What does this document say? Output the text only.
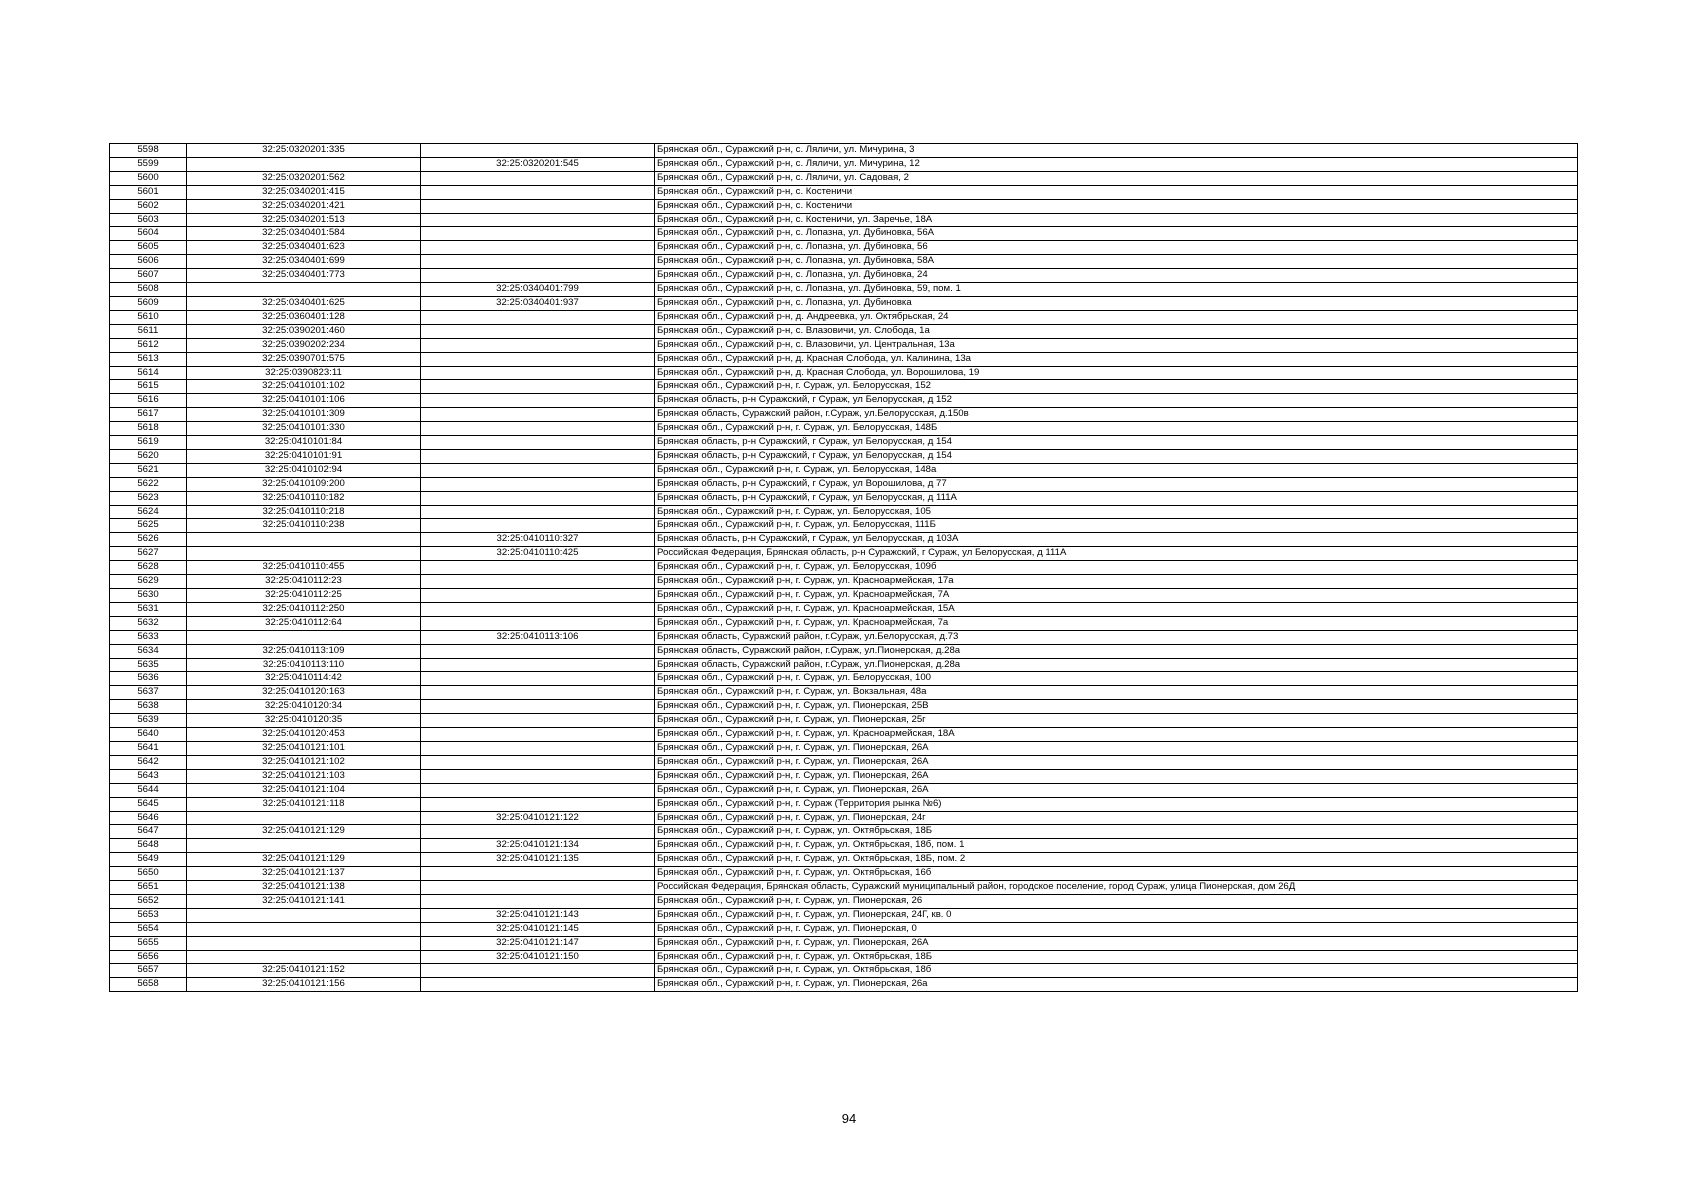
5598	32:25:0320201:335		Брянская обл., Суражский р-н, с. Ляличи, ул. Мичурина, 3
5599		32:25:0320201:545	Брянская обл., Суражский р-н, с. Ляличи, ул. Мичурина, 12
5600	32:25:0320201:562		Брянская обл., Суражский р-н, с. Ляличи, ул. Садовая, 2
5601	32:25:0340201:415		Брянская обл., Суражский р-н, с. Костеничи
5602	32:25:0340201:421		Брянская обл., Суражский р-н, с. Костеничи
5603	32:25:0340201:513		Брянская обл., Суражский р-н, с. Костеничи, ул. Заречье, 18А
5604	32:25:0340401:584		Брянская обл., Суражский р-н, с. Лопазна, ул. Дубиновка, 56А
5605	32:25:0340401:623		Брянская обл., Суражский р-н, с. Лопазна, ул. Дубиновка, 56
5606	32:25:0340401:699		Брянская обл., Суражский р-н, с. Лопазна, ул. Дубиновка, 58А
5607	32:25:0340401:773		Брянская обл., Суражский р-н, с. Лопазна, ул. Дубиновка, 24
5608		32:25:0340401:799	Брянская обл., Суражский р-н, с. Лопазна, ул. Дубиновка, 59, пом. 1
5609	32:25:0340401:625	32:25:0340401:937	Брянская обл., Суражский р-н, с. Лопазна, ул. Дубиновка
5610	32:25:0360401:128		Брянская обл., Суражский р-н, д. Андреевка, ул. Октябрьская, 24
5611	32:25:0390201:460		Брянская обл., Суражский р-н, с. Влазовичи, ул. Слобода, 1а
5612	32:25:0390202:234		Брянская обл., Суражский р-н, с. Влазовичи, ул. Центральная, 13а
5613	32:25:0390701:575		Брянская обл., Суражский р-н, д. Красная Слобода, ул. Калинина, 13а
5614	32:25:0390823:11		Брянская обл., Суражский р-н, д. Красная Слобода, ул. Ворошилова, 19
5615	32:25:0410101:102		Брянская обл., Суражский р-н, г. Сураж, ул. Белорусская, 152
5616	32:25:0410101:106		Брянская область, р-н Суражский, г Сураж, ул Белорусская, д 152
5617	32:25:0410101:309		Брянская область, Суражский район, г.Сураж, ул.Белорусская, д.150в
5618	32:25:0410101:330		Брянская обл., Суражский р-н, г. Сураж, ул. Белорусская, 148Б
5619	32:25:0410101:84		Брянская область, р-н Суражский, г Сураж, ул Белорусская, д 154
5620	32:25:0410101:91		Брянская область, р-н Суражский, г Сураж, ул Белорусская, д 154
5621	32:25:0410102:94		Брянская обл., Суражский р-н, г. Сураж, ул. Белорусская, 148а
5622	32:25:0410109:200		Брянская область, р-н Суражский, г Сураж, ул Ворошилова, д 77
5623	32:25:0410110:182		Брянская область, р-н Суражский, г Сураж, ул Белорусская, д 111А
5624	32:25:0410110:218		Брянская обл., Суражский р-н, г. Сураж, ул. Белорусская, 105
5625	32:25:0410110:238		Брянская обл., Суражский р-н, г. Сураж, ул. Белорусская, 111Б
5626		32:25:0410110:327	Брянская область, р-н Суражский, г Сураж, ул Белорусская, д 103А
5627		32:25:0410110:425	Российская Федерация, Брянская область, р-н Суражский, г Сураж, ул Белорусская, д 111А
5628	32:25:0410110:455		Брянская обл., Суражский р-н, г. Сураж, ул. Белорусская, 109б
5629	32:25:0410112:23		Брянская обл., Суражский р-н, г. Сураж, ул. Красноармейская, 17а
5630	32:25:0410112:25		Брянская обл., Суражский р-н, г. Сураж, ул. Красноармейская, 7А
5631	32:25:0410112:250		Брянская обл., Суражский р-н, г. Сураж, ул. Красноармейская, 15А
5632	32:25:0410112:64		Брянская обл., Суражский р-н, г. Сураж, ул. Красноармейская, 7а
5633		32:25:0410113:106	Брянская область, Суражский район, г.Сураж, ул.Белорусская, д.73
5634	32:25:0410113:109		Брянская область, Суражский район, г.Сураж, ул.Пионерская, д.28а
5635	32:25:0410113:110		Брянская область, Суражский район, г.Сураж, ул.Пионерская, д.28а
5636	32:25:0410114:42		Брянская обл., Суражский р-н, г. Сураж, ул. Белорусская, 100
5637	32:25:0410120:163		Брянская обл., Суражский р-н, г. Сураж, ул. Вокзальная, 48а
5638	32:25:0410120:34		Брянская обл., Суражский р-н, г. Сураж, ул. Пионерская, 25В
5639	32:25:0410120:35		Брянская обл., Суражский р-н, г. Сураж, ул. Пионерская, 25г
5640	32:25:0410120:453		Брянская обл., Суражский р-н, г. Сураж, ул. Красноармейская, 18А
5641	32:25:0410121:101		Брянская обл., Суражский р-н, г. Сураж, ул. Пионерская, 26А
5642	32:25:0410121:102		Брянская обл., Суражский р-н, г. Сураж, ул. Пионерская, 26А
5643	32:25:0410121:103		Брянская обл., Суражский р-н, г. Сураж, ул. Пионерская, 26А
5644	32:25:0410121:104		Брянская обл., Суражский р-н, г. Сураж, ул. Пионерская, 26А
5645	32:25:0410121:118		Брянская обл., Суражский р-н, г. Сураж (Территория рынка №6)
5646		32:25:0410121:122	Брянская обл., Суражский р-н, г. Сураж, ул. Пионерская, 24г
5647	32:25:0410121:129		Брянская обл., Суражский р-н, г. Сураж, ул. Октябрьская, 18Б
5648		32:25:0410121:134	Брянская обл., Суражский р-н, г. Сураж, ул. Октябрьская, 18б, пом. 1
5649	32:25:0410121:129	32:25:0410121:135	Брянская обл., Суражский р-н, г. Сураж, ул. Октябрьская, 18Б, пом. 2
5650	32:25:0410121:137		Брянская обл., Суражский р-н, г. Сураж, ул. Октябрьская, 16б
5651	32:25:0410121:138		Российская Федерация, Брянская область, Суражский муниципальный район, городское поселение, город Сураж, улица Пионерская, дом 26Д
5652	32:25:0410121:141		Брянская обл., Суражский р-н, г. Сураж, ул. Пионерская, 26
5653		32:25:0410121:143	Брянская обл., Суражский р-н, г. Сураж, ул. Пионерская, 24Г, кв. 0
5654		32:25:0410121:145	Брянская обл., Суражский р-н, г. Сураж, ул. Пионерская, 0
5655		32:25:0410121:147	Брянская обл., Суражский р-н, г. Сураж, ул. Пионерская, 26А
5656		32:25:0410121:150	Брянская обл., Суражский р-н, г. Сураж, ул. Октябрьская, 18Б
5657	32:25:0410121:152		Брянская обл., Суражский р-н, г. Сураж, ул. Октябрьская, 18б
5658	32:25:0410121:156		Брянская обл., Суражский р-н, г. Сураж, ул. Пионерская, 26а
94
